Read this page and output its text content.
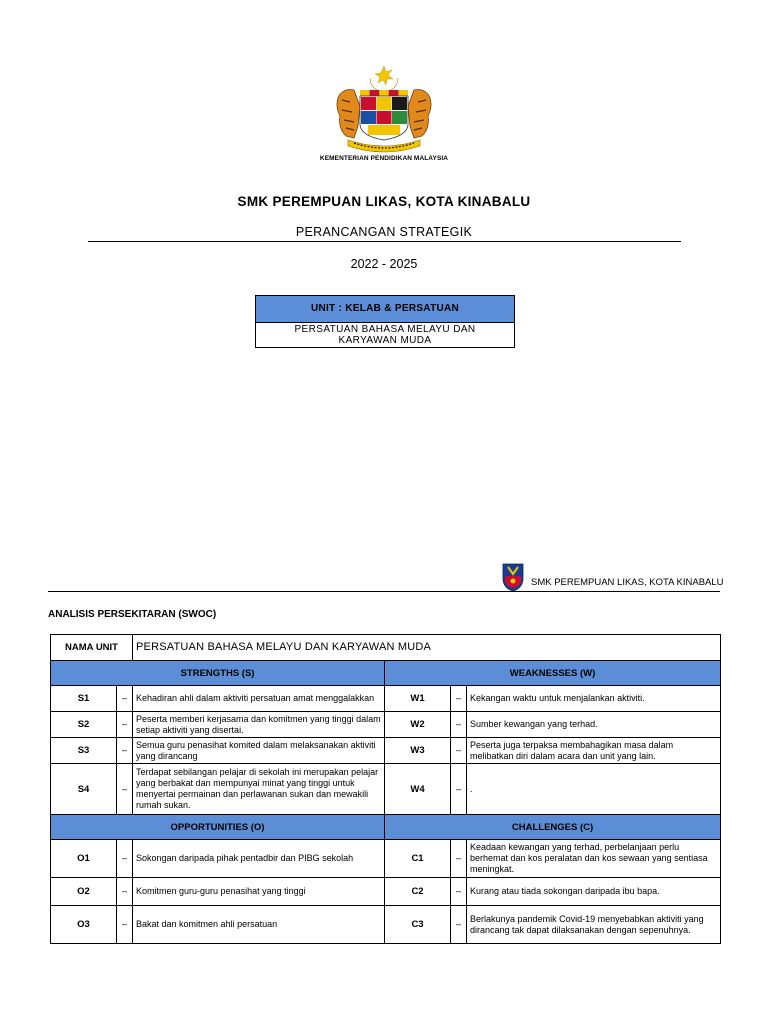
KEMENTERIAN PENDIDIKAN MALAYSIA
SMK PEREMPUAN LIKAS, KOTA KINABALU
PERANCANGAN STRATEGIK
2022 - 2025
UNIT : KELAB & PERSATUAN
PERSATUAN BAHASA MELAYU DAN KARYAWAN MUDA
SMK PEREMPUAN LIKAS, KOTA KINABALU
ANALISIS PERSEKITARAN (SWOC)
NAMA UNIT		PERSATUAN BAHASA MELAYU DAN KARYAWAN MUDA			
STRENGTHS (S)			WEAKNESSES (W)		
S1	–	Kehadiran ahli dalam aktiviti persatuan amat menggalakkan	W1	–	Kekangan waktu untuk menjalankan aktiviti.
S2	–	Peserta memberi kerjasama dan komitmen yang tinggi dalam setiap aktiviti yang disertai.	W2	–	Sumber kewangan yang terhad.
S3	–	Semua guru penasihat komited dalam melaksanakan aktiviti yang dirancang	W3	–	Peserta juga terpaksa membahagikan masa dalam melibatkan diri dalam acara dan unit yang lain.
S4	–	Terdapat sebilangan pelajar di sekolah ini merupakan pelajar yang berbakat dan mempunyai minat yang tinggi untuk menyertai permainan dan perlawanan sukan dan mewakili rumah sukan.	W4	–	.
OPPORTUNITIES (O)			CHALLENGES (C)		
O1	–	Sokongan daripada pihak pentadbir dan PIBG sekolah	C1	–	Keadaan kewangan yang terhad, perbelanjaan perlu berhemat dan kos peralatan dan kos sewaan yang sentiasa meningkat.
O2	–	Komitmen guru-guru penasihat yang tinggi	C2	–	Kurang atau tiada sokongan daripada ibu bapa.
O3	–	Bakat dan komitmen ahli persatuan	C3	–	Berlakunya pandemik Covid-19 menyebabkan aktiviti yang dirancang tak dapat dilaksanakan dengan sepenuhnya.
